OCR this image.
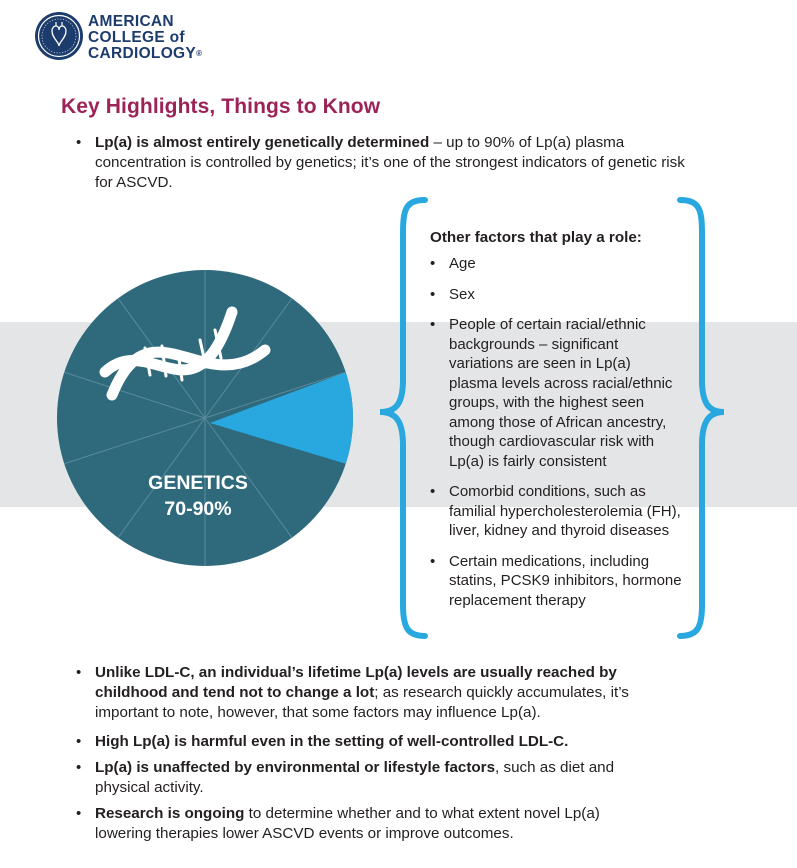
AMERICAN
COLLEGE of
CARDIOLOGY®
Key Highlights, Things to Know
• Lp(a) is almost entirely genetically determined – up to 90% of Lp(a) plasma concentration is controlled by genetics; it’s one of the strongest indicators of genetic risk for ASCVD.
GENETICS
70-90%
Other factors that play a role:
• Age
• Sex
• People of certain racial/ethnic backgrounds – significant variations are seen in Lp(a) plasma levels across racial/ethnic groups, with the highest seen among those of African ancestry, though cardiovascular risk with Lp(a) is fairly consistent
• Comorbid conditions, such as familial hypercholesterolemia (FH), liver, kidney and thyroid diseases
• Certain medications, including statins, PCSK9 inhibitors, hormone replacement therapy
• Unlike LDL-C, an individual’s lifetime Lp(a) levels are usually reached by childhood and tend not to change a lot; as research quickly accumulates, it’s important to note, however, that some factors may influence Lp(a).
• High Lp(a) is harmful even in the setting of well-controlled LDL-C.
• Lp(a) is unaffected by environmental or lifestyle factors, such as diet and physical activity.
• Research is ongoing to determine whether and to what extent novel Lp(a) lowering therapies lower ASCVD events or improve outcomes.
